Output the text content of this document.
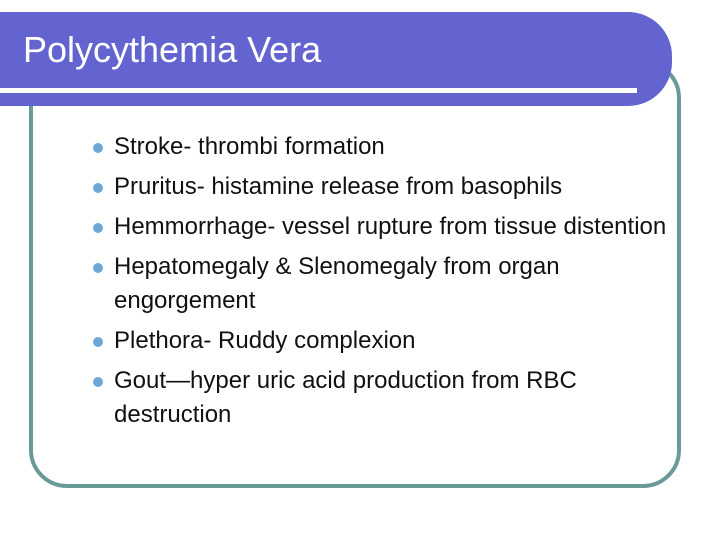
Polycythemia Vera
Stroke- thrombi formation
Pruritus- histamine release from basophils
Hemmorrhage- vessel rupture from tissue distention
Hepatomegaly & Slenomegaly from organ engorgement
Plethora- Ruddy complexion
Gout—hyper uric acid production from RBC destruction
